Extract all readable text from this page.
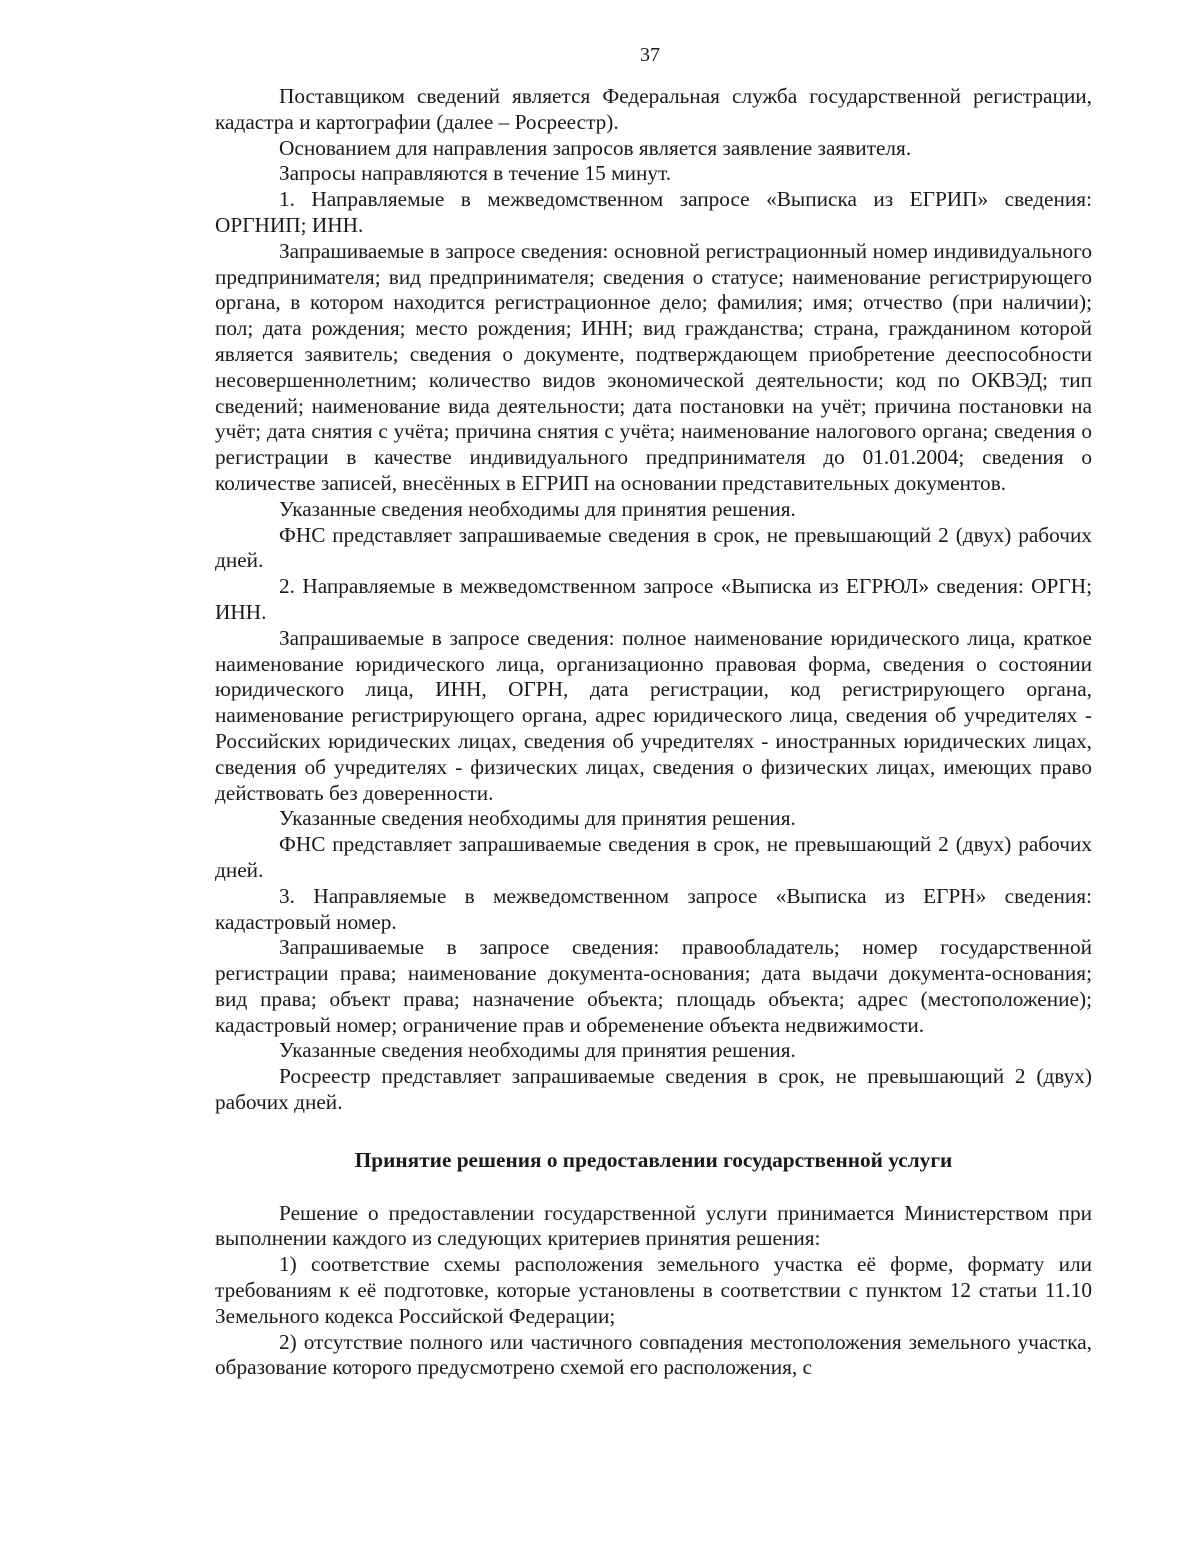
37

Поставщиком сведений является Федеральная служба государственной регистрации, кадастра и картографии (далее – Росреестр).

Основанием для направления запросов является заявление заявителя.

Запросы направляются в течение 15 минут.

1. Направляемые в межведомственном запросе «Выписка из ЕГРИП» сведения: ОРГНИП; ИНН.

Запрашиваемые в запросе сведения: основной регистрационный номер индивидуального предпринимателя; вид предпринимателя; сведения о статусе; наименование регистрирующего органа, в котором находится регистрационное дело; фамилия; имя; отчество (при наличии); пол; дата рождения; место рождения; ИНН; вид гражданства; страна, гражданином которой является заявитель; сведения о документе, подтверждающем приобретение дееспособности несовершеннолетним; количество видов экономической деятельности; код по ОКВЭД; тип сведений; наименование вида деятельности; дата постановки на учёт; причина постановки на учёт; дата снятия с учёта; причина снятия с учёта; наименование налогового органа; сведения о регистрации в качестве индивидуального предпринимателя до 01.01.2004; сведения о количестве записей, внесённых в ЕГРИП на основании представительных документов.

Указанные сведения необходимы для принятия решения.

ФНС представляет запрашиваемые сведения в срок, не превышающий 2 (двух) рабочих дней.

2. Направляемые в межведомственном запросе «Выписка из ЕГРЮЛ» сведения: ОРГН; ИНН.

Запрашиваемые в запросе сведения: полное наименование юридического лица, краткое наименование юридического лица, организационно правовая форма, сведения о состоянии юридического лица, ИНН, ОГРН, дата регистрации, код регистрирующего органа, наименование регистрирующего органа, адрес юридического лица, сведения об учредителях - Российских юридических лицах, сведения об учредителях - иностранных юридических лицах, сведения об учредителях - физических лицах, сведения о физических лицах, имеющих право действовать без доверенности.

Указанные сведения необходимы для принятия решения.

ФНС представляет запрашиваемые сведения в срок, не превышающий 2 (двух) рабочих дней.

3. Направляемые в межведомственном запросе «Выписка из ЕГРН» сведения: кадастровый номер.

Запрашиваемые в запросе сведения: правообладатель; номер государственной регистрации права; наименование документа-основания; дата выдачи документа-основания; вид права; объект права; назначение объекта; площадь объекта; адрес (местоположение); кадастровый номер; ограничение прав и обременение объекта недвижимости.

Указанные сведения необходимы для принятия решения.

Росреестр представляет запрашиваемые сведения в срок, не превышающий 2 (двух) рабочих дней.

Принятие решения о предоставлении государственной услуги

Решение о предоставлении государственной услуги принимается Министерством при выполнении каждого из следующих критериев принятия решения:

1) соответствие схемы расположения земельного участка её форме, формату или требованиям к её подготовке, которые установлены в соответствии с пунктом 12 статьи 11.10 Земельного кодекса Российской Федерации;

2) отсутствие полного или частичного совпадения местоположения земельного участка, образование которого предусмотрено схемой его расположения, с
